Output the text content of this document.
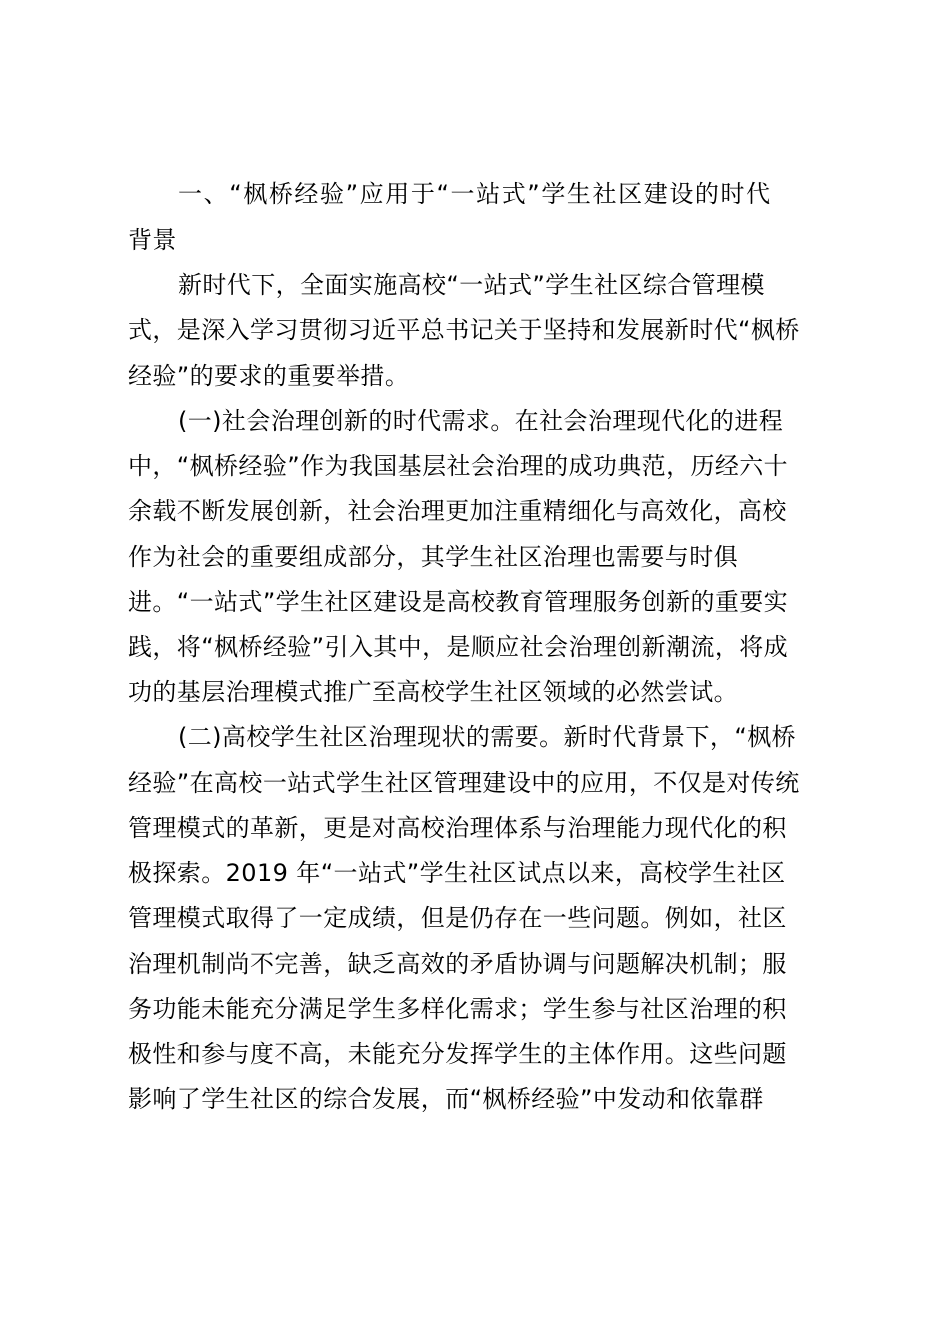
一、“枫桥经验”应用于“一站式”学生社区建设的时代
背景
新时代下，全面实施高校“一站式”学生社区综合管理模
式，是深入学习贯彻习近平总书记关于坚持和发展新时代“枫桥
经验”的要求的重要举措。
(一)社会治理创新的时代需求。在社会治理现代化的进程
中，“枫桥经验”作为我国基层社会治理的成功典范，历经六十
余载不断发展创新，社会治理更加注重精细化与高效化，高校
作为社会的重要组成部分，其学生社区治理也需要与时俱
进。“一站式”学生社区建设是高校教育管理服务创新的重要实
践，将“枫桥经验”引入其中，是顺应社会治理创新潮流，将成
功的基层治理模式推广至高校学生社区领域的必然尝试。
(二)高校学生社区治理现状的需要。新时代背景下，“枫桥
经验”在高校一站式学生社区管理建设中的应用，不仅是对传统
管理模式的革新，更是对高校治理体系与治理能力现代化的积
极探索。2019 年“一站式”学生社区试点以来，高校学生社区
管理模式取得了一定成绩，但是仍存在一些问题。例如，社区
治理机制尚不完善，缺乏高效的矛盾协调与问题解决机制；服
务功能未能充分满足学生多样化需求；学生参与社区治理的积
极性和参与度不高，未能充分发挥学生的主体作用。这些问题
影响了学生社区的综合发展，而“枫桥经验”中发动和依靠群
